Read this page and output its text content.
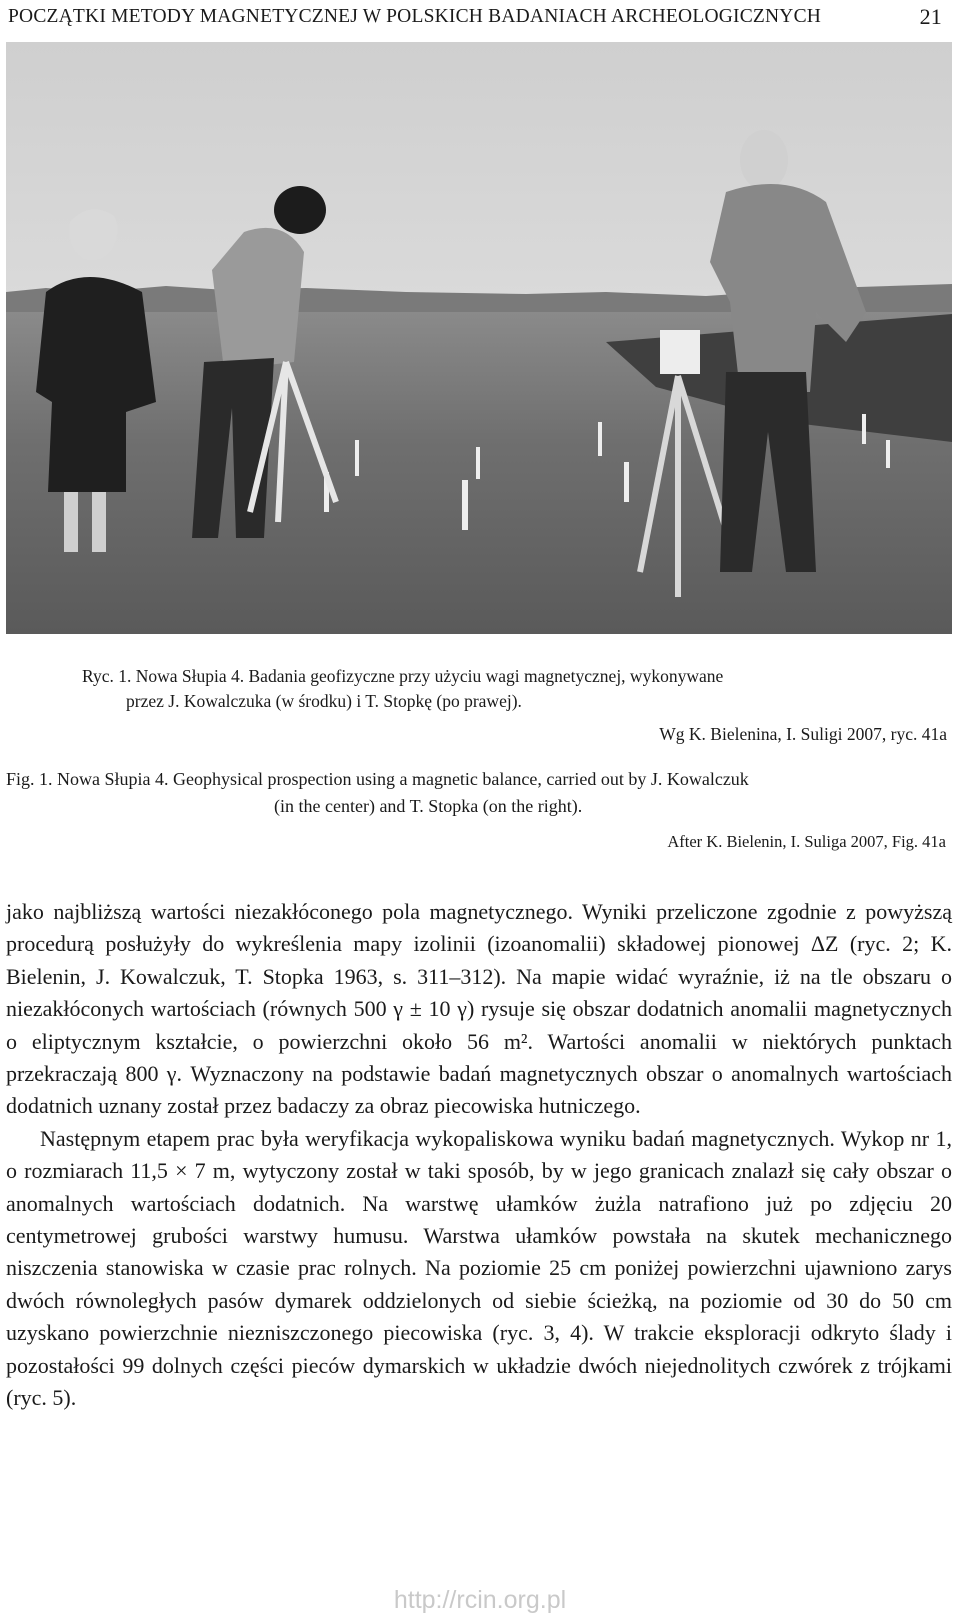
POCZĄTKI METODY MAGNETYCZNEJ W POLSKICH BADANIACH ARCHEOLOGICZNYCH	21
Ryc. 1. Nowa Słupia 4. Badania geofizyczne przy użyciu wagi magnetycznej, wykonywane
przez J. Kowalczuka (w środku) i T. Stopkę (po prawej).
Wg K. Bielenina, I. Suligi 2007, ryc. 41a
Fig. 1. Nowa Słupia 4. Geophysical prospection using a magnetic balance, carried out by J. Kowalczuk
(in the center) and T. Stopka (on the right).
After K. Bielenin, I. Suliga 2007, Fig. 41a

jako najbliższą wartości niezakłóconego pola magnetycznego. Wyniki przeliczone zgodnie z powyższą procedurą posłużyły do wykreślenia mapy izolinii (izoanomalii) składowej pionowej ΔZ (ryc. 2; K. Bielenin, J. Kowalczuk, T. Stopka 1963, s. 311–312). Na mapie widać wyraźnie, iż na tle obszaru o niezakłóconych wartościach (równych 500 γ ± 10 γ) rysuje się obszar dodatnich anomalii magnetycznych o eliptycznym kształcie, o powierzchni około 56 m². Wartości anomalii w niektórych punktach przekraczają 800 γ. Wyznaczony na podstawie badań magnetycznych obszar o anomalnych wartościach dodatnich uznany został przez badaczy za obraz piecowiska hutniczego.

Następnym etapem prac była weryfikacja wykopaliskowa wyniku badań magnetycznych. Wykop nr 1, o rozmiarach 11,5 × 7 m, wytyczony został w taki sposób, by w jego granicach znalazł się cały obszar o anomalnych wartościach dodatnich. Na warstwę ułamków żużla natrafiono już po zdjęciu 20 centymetrowej grubości warstwy humusu. Warstwa ułamków powstała na skutek mechanicznego niszczenia stanowiska w czasie prac rolnych. Na poziomie 25 cm poniżej powierzchni ujawniono zarys dwóch równoległych pasów dymarek oddzielonych od siebie ścieżką, na poziomie od 30 do 50 cm uzyskano powierzchnie niezniszczonego piecowiska (ryc. 3, 4). W trakcie eksploracji odkryto ślady i pozostałości 99 dolnych części pieców dymarskich w układzie dwóch niejednolitych czwórek z trójkami (ryc. 5).

http://rcin.org.pl
